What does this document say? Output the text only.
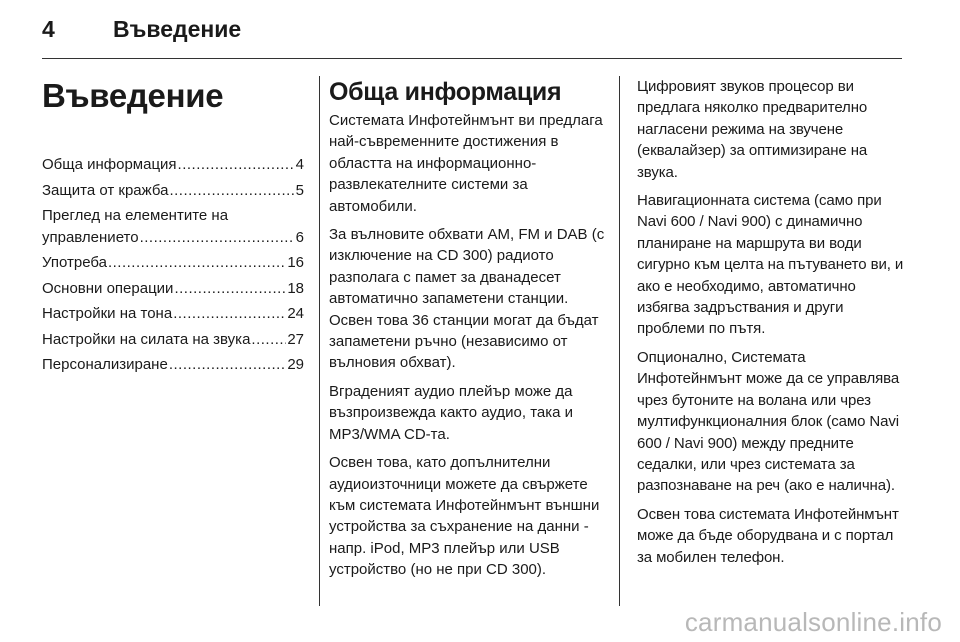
4	Въведение
Въведение
Обща информация .....	4
Защита от кражба .....	5
Преглед на елементите на
управлението .....	6
Употреба .....	16
Основни операции .....	18
Настройки на тона .....	24
Настройки на силата на звука ..... 27
Персонализиране .....	29
Обща информация

Системата Инфотейнмънт ви предлага най-съвременните достижения в областта на информационно-развлекателните системи за автомобили.

За вълновите обхвати AM, FM и DAB (с изключение на CD 300) радиото разполага с памет за дванадесет автоматично запаметени станции. Освен това 36 станции могат да бъдат запаметени ръчно (независимо от вълновия обхват).

Вграденият аудио плейър може да възпроизвежда както аудио, така и MP3/WMA CD-та.

Освен това, като допълнителни аудиоизточници можете да свържете към системата Инфотейнмънт външни устройства за съхранение на данни - напр. iPod, MP3 плейър или USB устройство (но не при CD 300).

Цифровият звуков процесор ви предлага няколко предварително нагласени режима на звучене (еквалайзер) за оптимизиране на звука.

Навигационната система (само при Navi 600 / Navi 900) с динамично планиране на маршрута ви води сигурно към целта на пътуването ви, и ако е необходимо, автоматично избягва задръствания и други проблеми по пътя.

Опционално, Системата Инфотейнмънт може да се управлява чрез бутоните на волана или чрез мултифункционалния блок (само Navi 600 / Navi 900) между предните седалки, или чрез системата за разпознаване на реч (ако е налична).

Освен това системата Инфотейнмънт може да бъде оборудвана и с портал за мобилен телефон.

carmanualsonline.info
